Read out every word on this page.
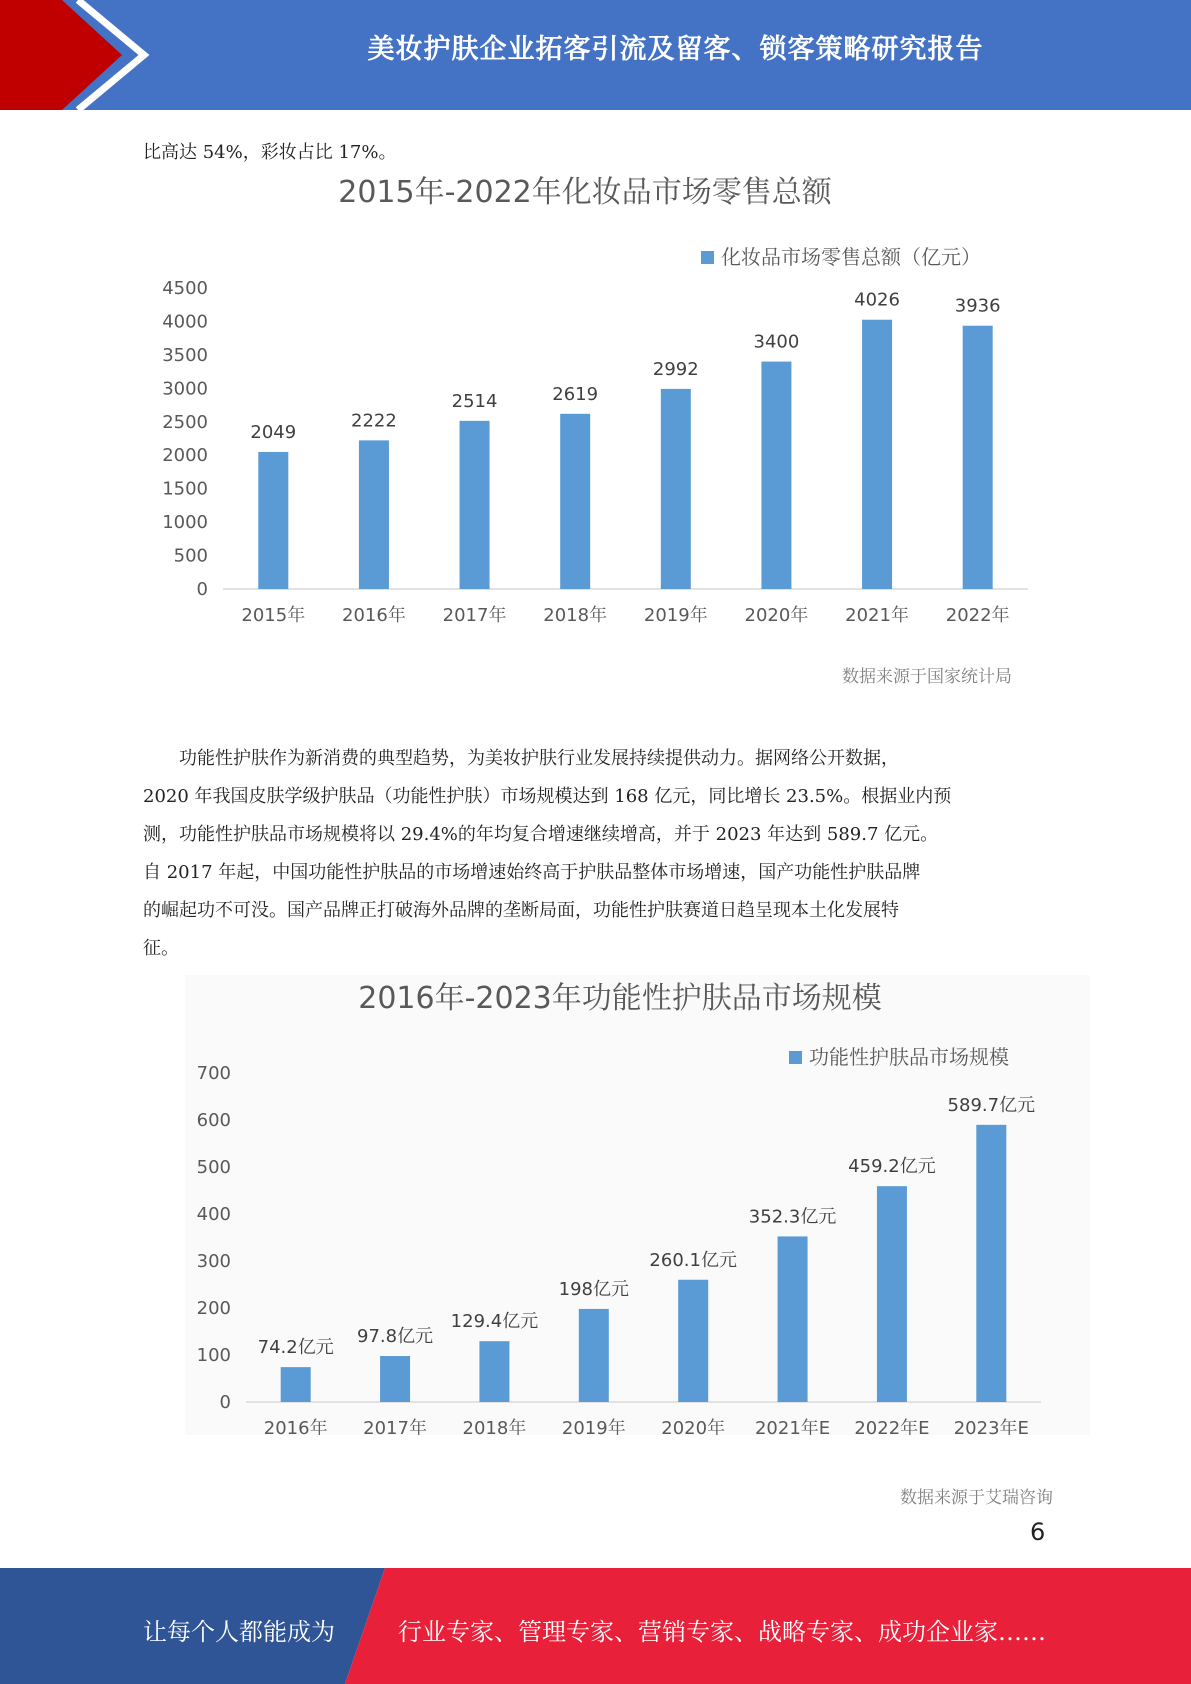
美妆护肤企业拓客引流及留客、锁客策略研究报告
比高达 54%，彩妆占比 17%。
2015年-2022年化妆品市场零售总额
化妆品市场零售总额（亿元）
0
500
1000
1500
2000
2500
3000
3500
4000
4500
2049
2015年
2222
2016年
2514
2017年
2619
2018年
2992
2019年
3400
2020年
4026
2021年
3936
2022年
数据来源于国家统计局
功能性护肤作为新消费的典型趋势，为美妆护肤行业发展持续提供动力。据网络公开数据，
2020 年我国皮肤学级护肤品（功能性护肤）市场规模达到 168 亿元，同比增长 23.5%。根据业内预
测，功能性护肤品市场规模将以 29.4%的年均复合增速继续增高，并于 2023 年达到 589.7 亿元。
自 2017 年起，中国功能性护肤品的市场增速始终高于护肤品整体市场增速，国产功能性护肤品牌
的崛起功不可没。国产品牌正打破海外品牌的垄断局面，功能性护肤赛道日趋呈现本土化发展特
征。
2016年-2023年功能性护肤品市场规模
功能性护肤品市场规模
0
100
200
300
400
500
600
700
74.2亿元
2016年
97.8亿元
2017年
129.4亿元
2018年
198亿元
2019年
260.1亿元
2020年
352.3亿元
2021年E
459.2亿元
2022年E
589.7亿元
2023年E
数据来源于艾瑞咨询
6
让每个人都能成为	行业专家、管理专家、营销专家、战略专家、成功企业家……
